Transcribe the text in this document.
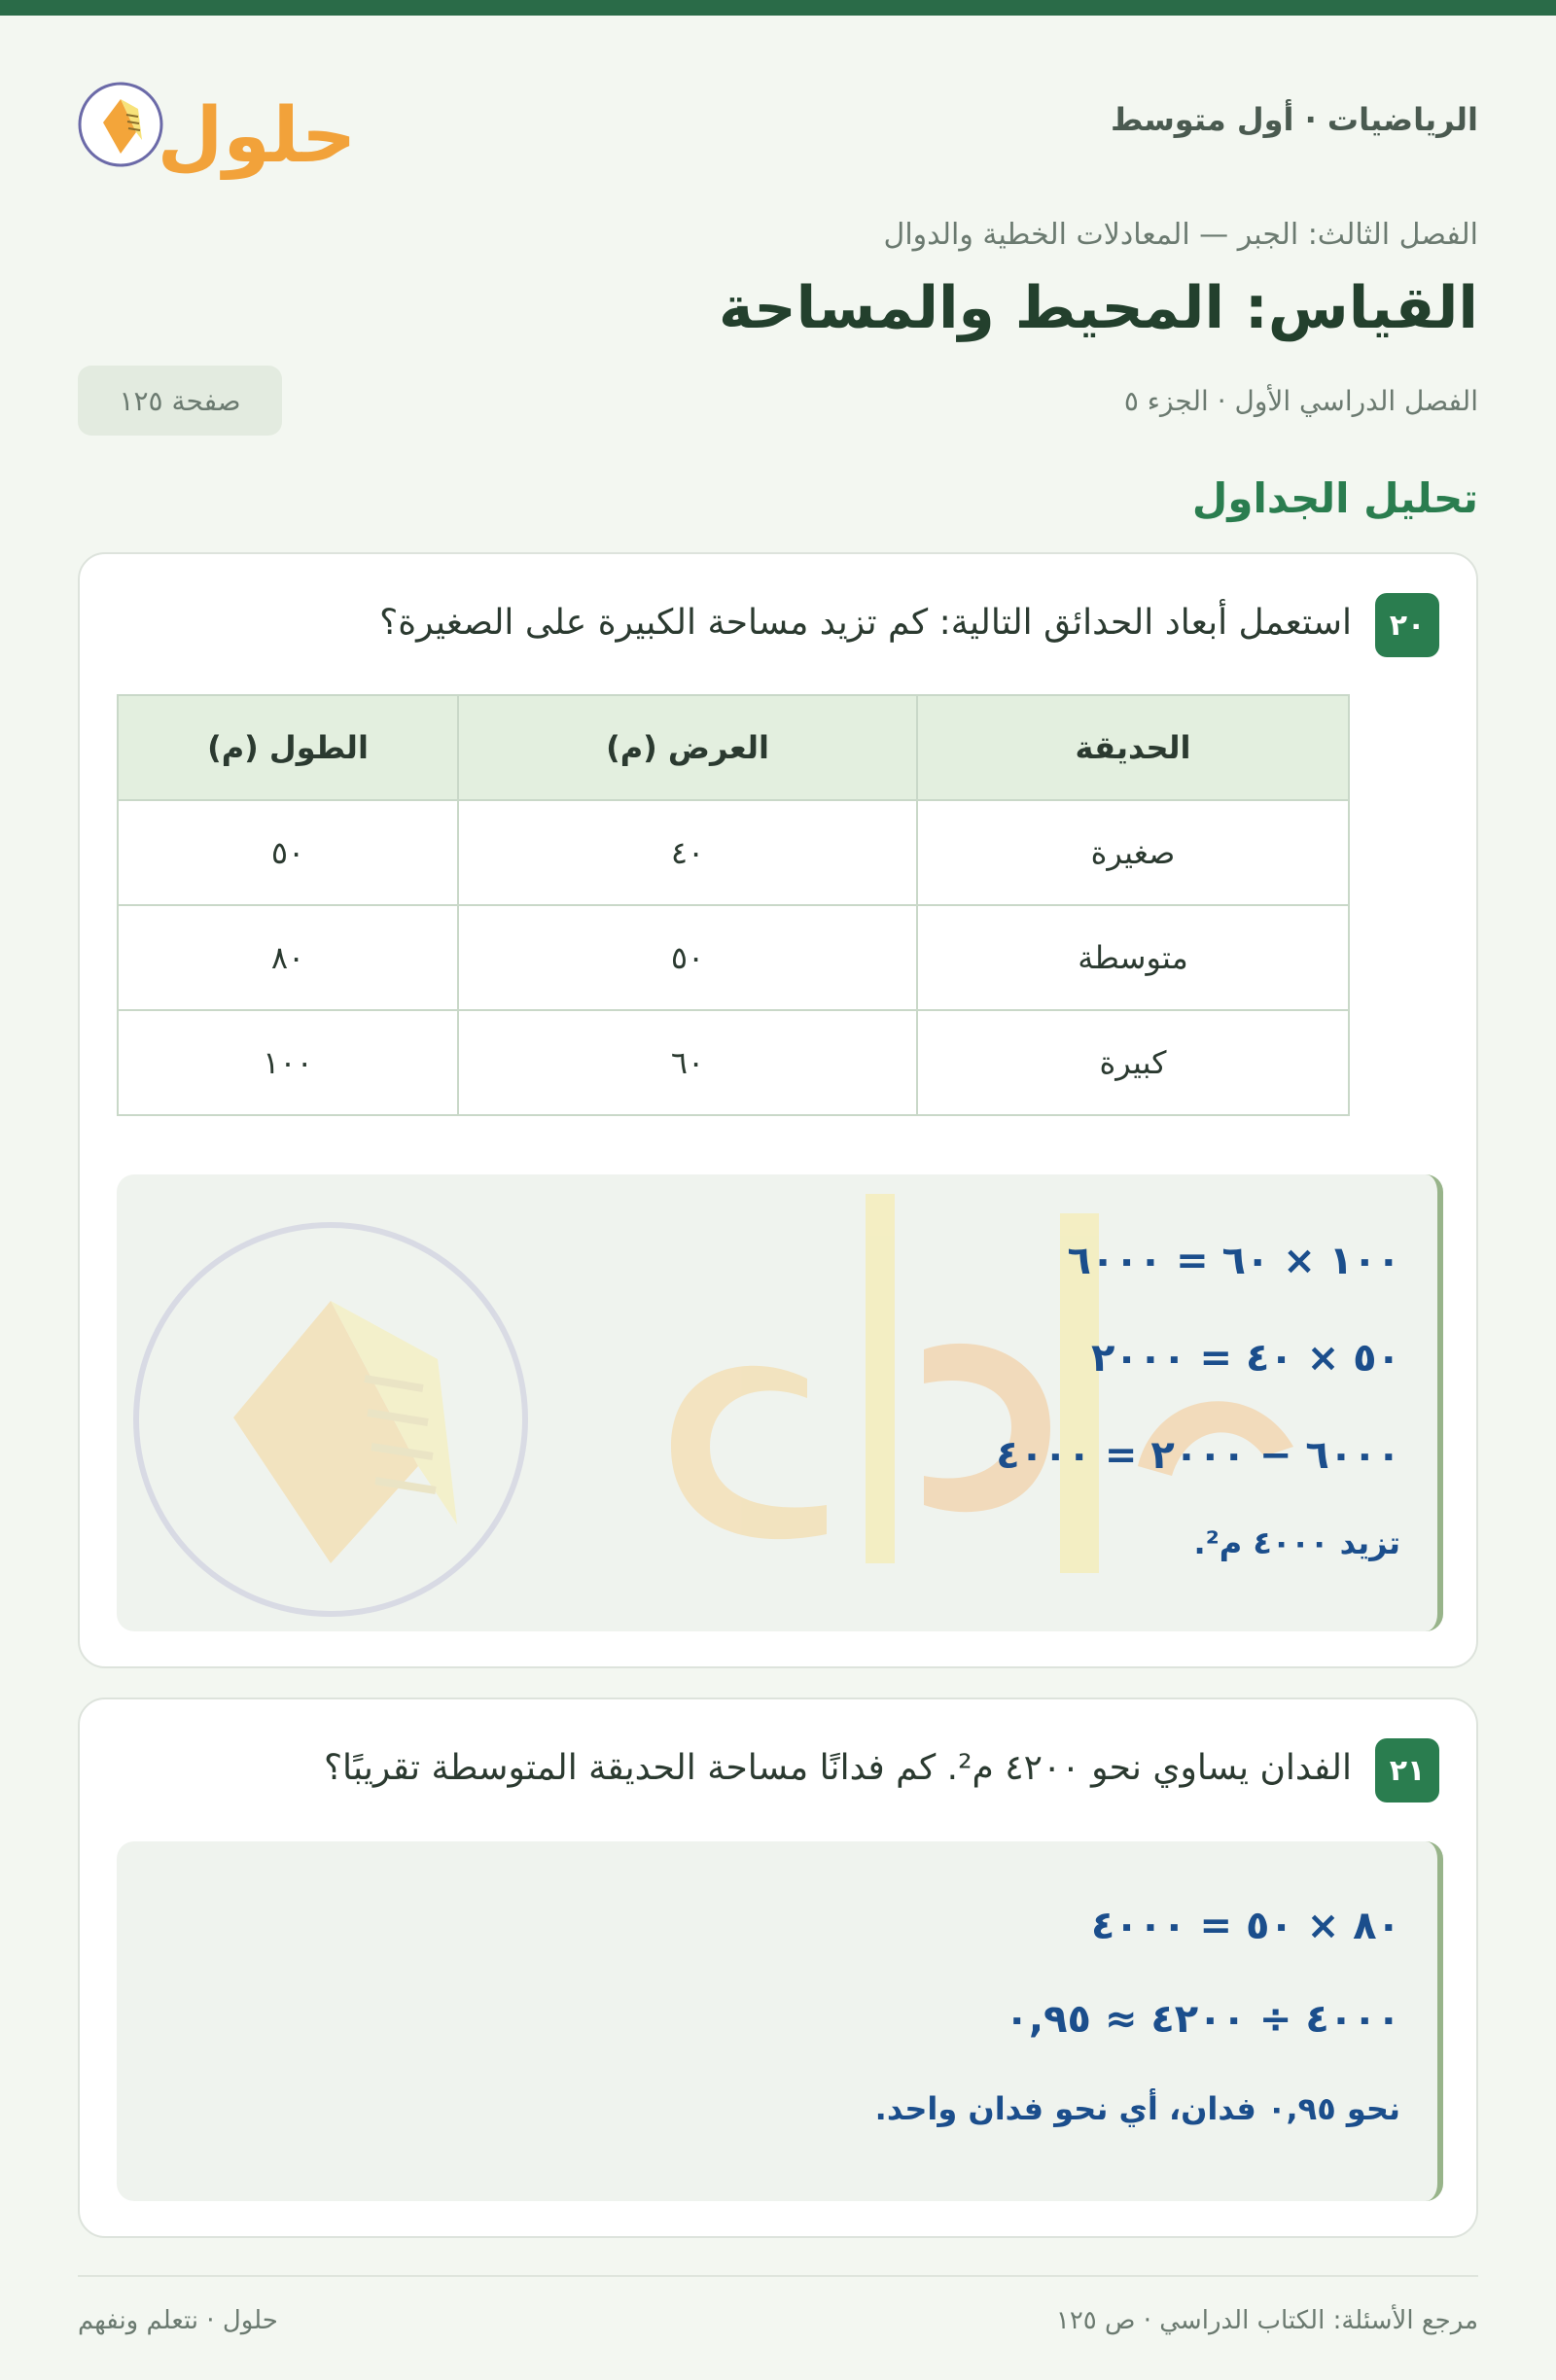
الرياضيات · أول متوسط
حلول
الفصل الثالث: الجبر — المعادلات الخطية والدوال
القياس: المحيط والمساحة
الفصل الدراسي الأول · الجزء ٥
صفحة ١٢٥
تحليل الجداول
٢٠
استعمل أبعاد الحدائق التالية: كم تزيد مساحة الكبيرة على الصغيرة؟
الحديقة	العرض (م)	الطول (م)
صغيرة	٤٠	٥٠
متوسطة	٥٠	٨٠
كبيرة	٦٠	١٠٠
١٠٠ × ٦٠ = ٦٠٠٠
٥٠ × ٤٠ = ٢٠٠٠
٦٠٠٠ − ٢٠٠٠ = ٤٠٠٠
تزيد ٤٠٠٠ م².
٢١
الفدان يساوي نحو ٤٢٠٠ م². كم فدانًا مساحة الحديقة المتوسطة تقريبًا؟
٨٠ × ٥٠ = ٤٠٠٠
٤٠٠٠ ÷ ٤٢٠٠ ≈ ٠,٩٥
نحو ٠,٩٥ فدان، أي نحو فدان واحد.
مرجع الأسئلة: الكتاب الدراسي · ص ١٢٥
حلول · نتعلم ونفهم
